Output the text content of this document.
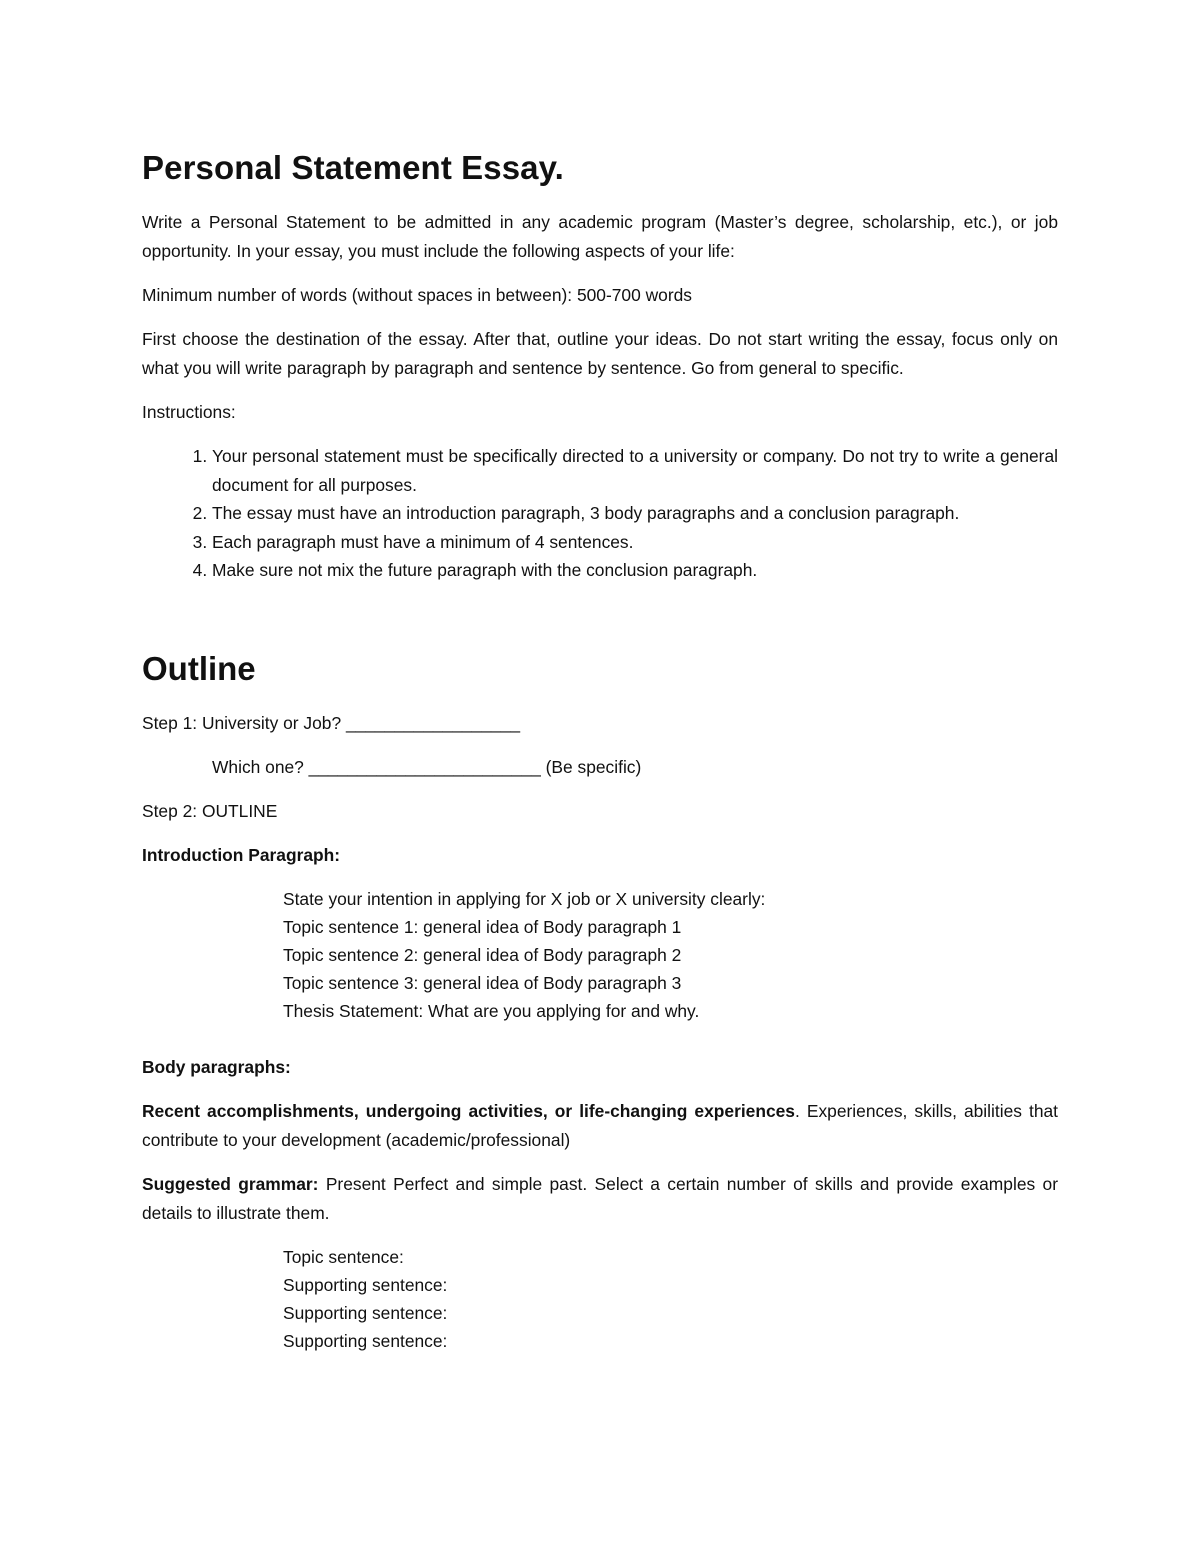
Personal Statement Essay.

Write a Personal Statement to be admitted in any academic program (Master’s degree, scholarship, etc.), or job opportunity. In your essay, you must include the following aspects of your life:

Minimum number of words (without spaces in between): 500-700 words

First choose the destination of the essay. After that, outline your ideas. Do not start writing the essay, focus only on what you will write paragraph by paragraph and sentence by sentence. Go from general to specific.

Instructions:

1. Your personal statement must be specifically directed to a university or company. Do not try to write a general document for all purposes.
2. The essay must have an introduction paragraph, 3 body paragraphs and a conclusion paragraph.
3. Each paragraph must have a minimum of 4 sentences.
4. Make sure not mix the future paragraph with the conclusion paragraph.
Outline

Step 1: University or Job? __________________

Which one? ________________________ (Be specific)

Step 2: OUTLINE

Introduction Paragraph:

State your intention in applying for X job or X university clearly:

Topic sentence 1: general idea of Body paragraph 1

Topic sentence 2: general idea of Body paragraph 2

Topic sentence 3: general idea of Body paragraph 3

Thesis Statement: What are you applying for and why.

Body paragraphs:

Recent accomplishments, undergoing activities, or life-changing experiences. Experiences, skills, abilities that contribute to your development (academic/professional)

Suggested grammar: Present Perfect and simple past. Select a certain number of skills and provide examples or details to illustrate them.

Topic sentence:

Supporting sentence:

Supporting sentence:

Supporting sentence:
